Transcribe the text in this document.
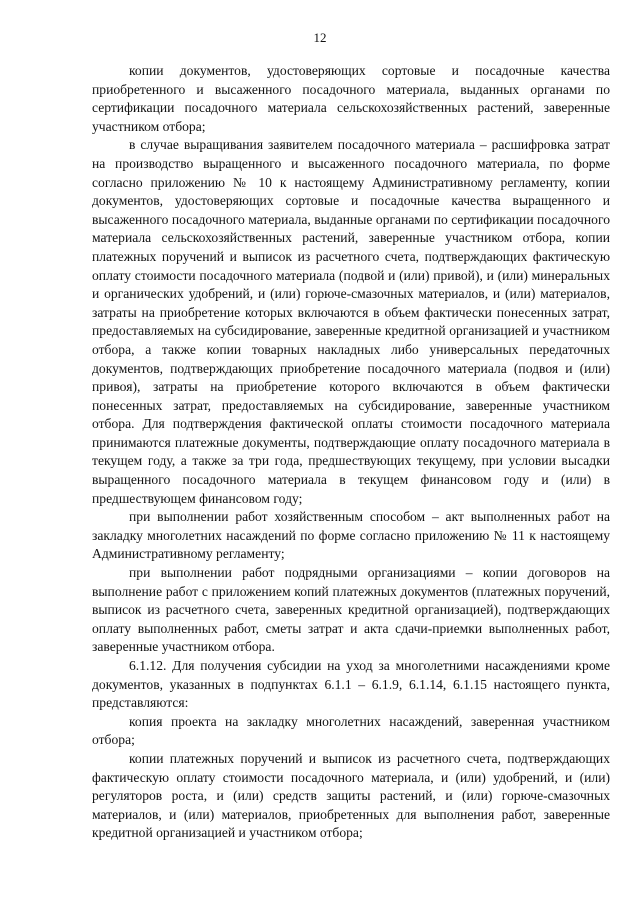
12

копии документов, удостоверяющих сортовые и посадочные качества приобретенного и высаженного посадочного материала, выданных органами по сертификации посадочного материала сельскохозяйственных растений, заверенные участником отбора;

в случае выращивания заявителем посадочного материала – расшифровка затрат на производство выращенного и высаженного посадочного материала, по форме согласно приложению № 10 к настоящему Административному регламенту, копии документов, удостоверяющих сортовые и посадочные качества выращенного и высаженного посадочного материала, выданные органами по сертификации посадочного материала сельскохозяйственных растений, заверенные участником отбора, копии платежных поручений и выписок из расчетного счета, подтверждающих фактическую оплату стоимости посадочного материала (подвой и (или) привой), и (или) минеральных и органических удобрений, и (или) горюче-смазочных материалов, и (или) материалов, затраты на приобретение которых включаются в объем фактически понесенных затрат, предоставляемых на субсидирование, заверенные кредитной организацией и участником отбора, а также копии товарных накладных либо универсальных передаточных документов, подтверждающих приобретение посадочного материала (подвоя и (или) привоя), затраты на приобретение которого включаются в объем фактически понесенных затрат, предоставляемых на субсидирование, заверенные участником отбора. Для подтверждения фактической оплаты стоимости посадочного материала принимаются платежные документы, подтверждающие оплату посадочного материала в текущем году, а также за три года, предшествующих текущему, при условии высадки выращенного посадочного материала в текущем финансовом году и (или) в предшествующем финансовом году;

при выполнении работ хозяйственным способом – акт выполненных работ на закладку многолетних насаждений по форме согласно приложению № 11 к настоящему Административному регламенту;

при выполнении работ подрядными организациями – копии договоров на выполнение работ с приложением копий платежных документов (платежных поручений, выписок из расчетного счета, заверенных кредитной организацией), подтверждающих оплату выполненных работ, сметы затрат и акта сдачи-приемки выполненных работ, заверенные участником отбора.

6.1.12. Для получения субсидии на уход за многолетними насаждениями кроме документов, указанных в подпунктах 6.1.1 – 6.1.9, 6.1.14, 6.1.15 настоящего пункта, представляются:

копия проекта на закладку многолетних насаждений, заверенная участником отбора;

копии платежных поручений и выписок из расчетного счета, подтверждающих фактическую оплату стоимости посадочного материала, и (или) удобрений, и (или) регуляторов роста, и (или) средств защиты растений, и (или) горюче-смазочных материалов, и (или) материалов, приобретенных для выполнения работ, заверенные кредитной организацией и участником отбора;
